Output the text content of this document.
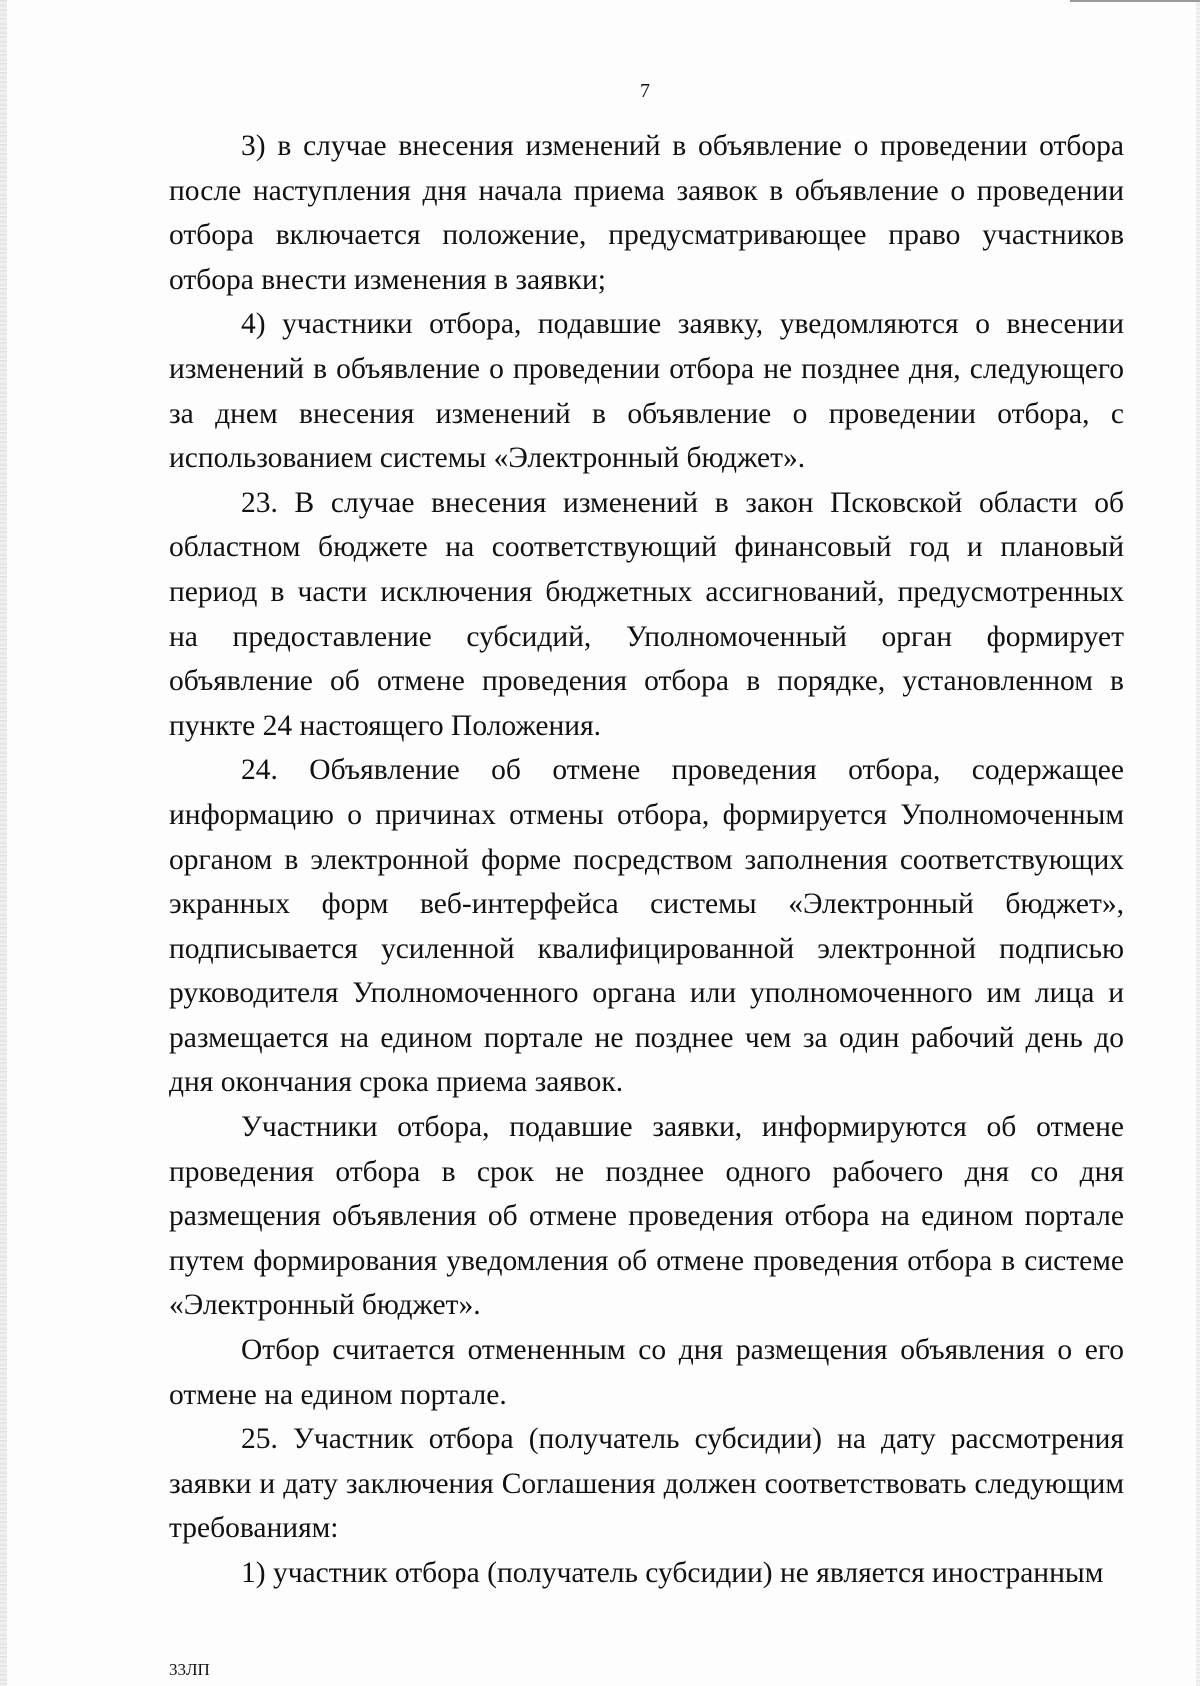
7

3) в случае внесения изменений в объявление о проведении отбора после наступления дня начала приема заявок в объявление о проведении отбора включается положение, предусматривающее право участников отбора внести изменения в заявки;

4) участники отбора, подавшие заявку, уведомляются о внесении изменений в объявление о проведении отбора не позднее дня, следующего за днем внесения изменений в объявление о проведении отбора, с использованием системы «Электронный бюджет».

23. В случае внесения изменений в закон Псковской области об областном бюджете на соответствующий финансовый год и плановый период в части исключения бюджетных ассигнований, предусмотренных на предоставление субсидий, Уполномоченный орган формирует объявление об отмене проведения отбора в порядке, установленном в пункте 24 настоящего Положения.

24. Объявление об отмене проведения отбора, содержащее информацию о причинах отмены отбора, формируется Уполномоченным органом в электронной форме посредством заполнения соответствующих экранных форм веб-интерфейса системы «Электронный бюджет», подписывается усиленной квалифицированной электронной подписью руководителя Уполномоченного органа или уполномоченного им лица и размещается на едином портале не позднее чем за один рабочий день до дня окончания срока приема заявок.

Участники отбора, подавшие заявки, информируются об отмене проведения отбора в срок не позднее одного рабочего дня со дня размещения объявления об отмене проведения отбора на едином портале путем формирования уведомления об отмене проведения отбора в системе «Электронный бюджет».

Отбор считается отмененным со дня размещения объявления о его отмене на едином портале.

25. Участник отбора (получатель субсидии) на дату рассмотрения заявки и дату заключения Соглашения должен соответствовать следующим требованиям:

1) участник отбора (получатель субсидии) не является иностранным

33ЛП
